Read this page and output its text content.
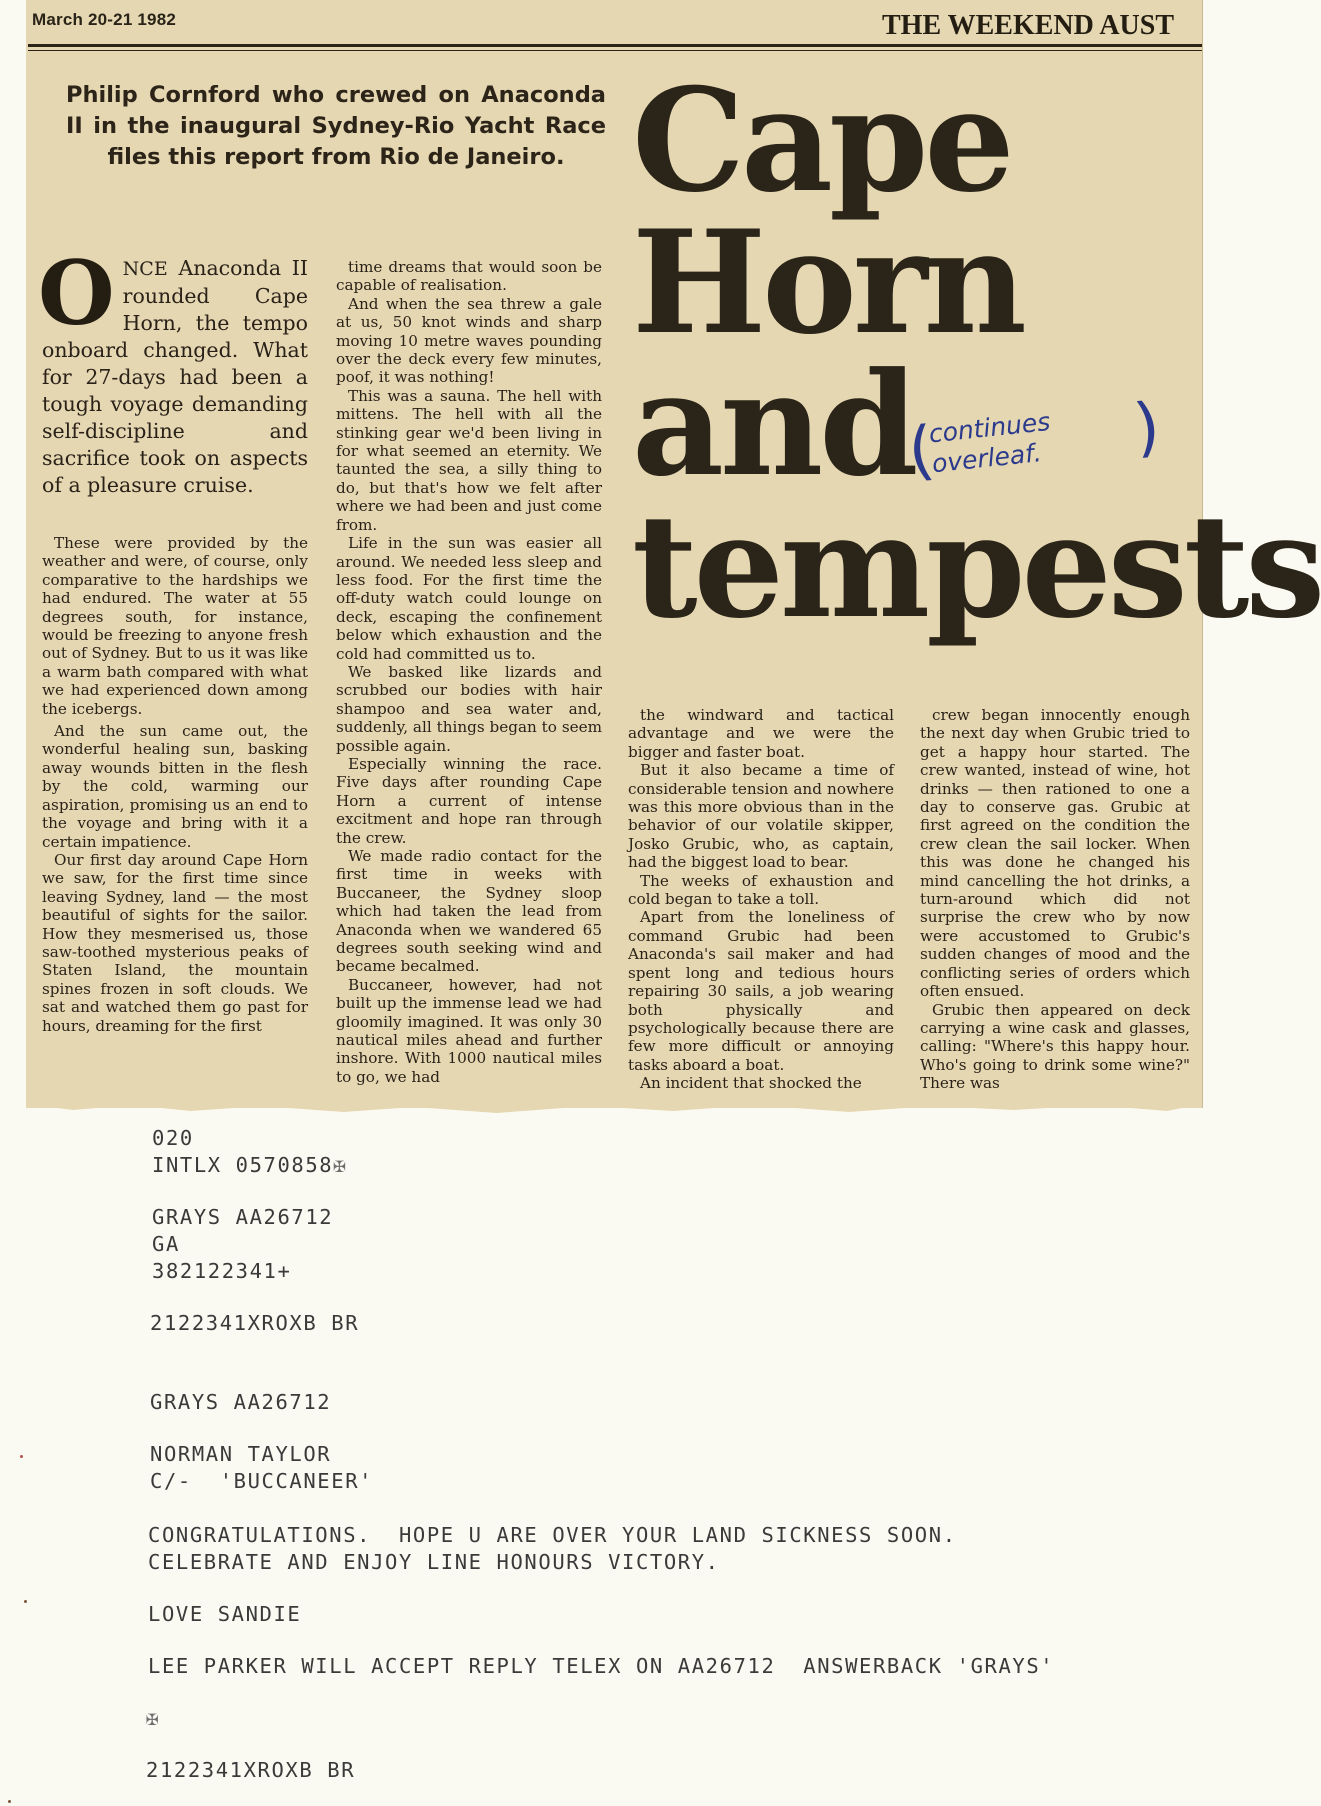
March 20-21 1982	THE WEEKEND AUST
Philip Cornford who crewed on Anaconda II in the inaugural Sydney-Rio Yacht Race files this report from Rio de Janeiro. Cape
Horn
and
tempests
( continues overleaf. )
ONCE Anaconda II rounded Cape Horn, the tempo onboard changed. What for 27-days had been a tough voyage demanding self-discipline and sacrifice took on aspects of a pleasure cruise.

These were provided by the weather and were, of course, only comparative to the hardships we had endured. The water at 55 degrees south, for instance, would be freezing to anyone fresh out of Sydney. But to us it was like a warm bath compared with what we had experienced down among the icebergs.

And the sun came out, the wonderful healing sun, basking away wounds bitten in the flesh by the cold, warming our aspiration, promising us an end to the voyage and bring with it a certain impatience.

Our first day around Cape Horn we saw, for the first time since leaving Sydney, land — the most beautiful of sights for the sailor. How they mesmerised us, those saw-toothed mysterious peaks of Staten Island, the mountain spines frozen in soft clouds. We sat and watched them go past for hours, dreaming for the first

time dreams that would soon be capable of realisation.

And when the sea threw a gale at us, 50 knot winds and sharp moving 10 metre waves pounding over the deck every few minutes, poof, it was nothing!

This was a sauna. The hell with mittens. The hell with all the stinking gear we'd been living in for what seemed an eternity. We taunted the sea, a silly thing to do, but that's how we felt after where we had been and just come from.

Life in the sun was easier all around. We needed less sleep and less food. For the first time the off-duty watch could lounge on deck, escaping the confinement below which exhaustion and the cold had committed us to.

We basked like lizards and scrubbed our bodies with hair shampoo and sea water and, suddenly, all things began to seem possible again.

Especially winning the race. Five days after rounding Cape Horn a current of intense excitment and hope ran through the crew.

We made radio contact for the first time in weeks with Buccaneer, the Sydney sloop which had taken the lead from Anaconda when we wandered 65 degrees south seeking wind and became becalmed.

Buccaneer, however, had not built up the immense lead we had gloomily imagined. It was only 30 nautical miles ahead and further inshore. With 1000 nautical miles to go, we had

the windward and tactical advantage and we were the bigger and faster boat.

But it also became a time of considerable tension and nowhere was this more obvious than in the behavior of our volatile skipper, Josko Grubic, who, as captain, had the biggest load to bear.

The weeks of exhaustion and cold began to take a toll.

Apart from the loneliness of command Grubic had been Anaconda's sail maker and had spent long and tedious hours repairing 30 sails, a job wearing both physically and psychologically because there are few more difficult or annoying tasks aboard a boat.

An incident that shocked the

crew began innocently enough the next day when Grubic tried to get a happy hour started. The crew wanted, instead of wine, hot drinks — then rationed to one a day to conserve gas. Grubic at first agreed on the condition the crew clean the sail locker. When this was done he changed his mind cancelling the hot drinks, a turn-around which did not surprise the crew who by now were accustomed to Grubic's sudden changes of mood and the conflicting series of orders which often ensued.

Grubic then appeared on deck carrying a wine cask and glasses, calling: "Where's this happy hour. Who's going to drink some wine?" There was

020
INTLX 0570858✠
GRAYS AA26712
GA
382122341+
2122341XROXB BR
GRAYS AA26712
NORMAN TAYLOR
C/-  'BUCCANEER'
CONGRATULATIONS.  HOPE U ARE OVER YOUR LAND SICKNESS SOON.
CELEBRATE AND ENJOY LINE HONOURS VICTORY.
LOVE SANDIE
LEE PARKER WILL ACCEPT REPLY TELEX ON AA26712  ANSWERBACK 'GRAYS'
✠
2122341XROXB BR
